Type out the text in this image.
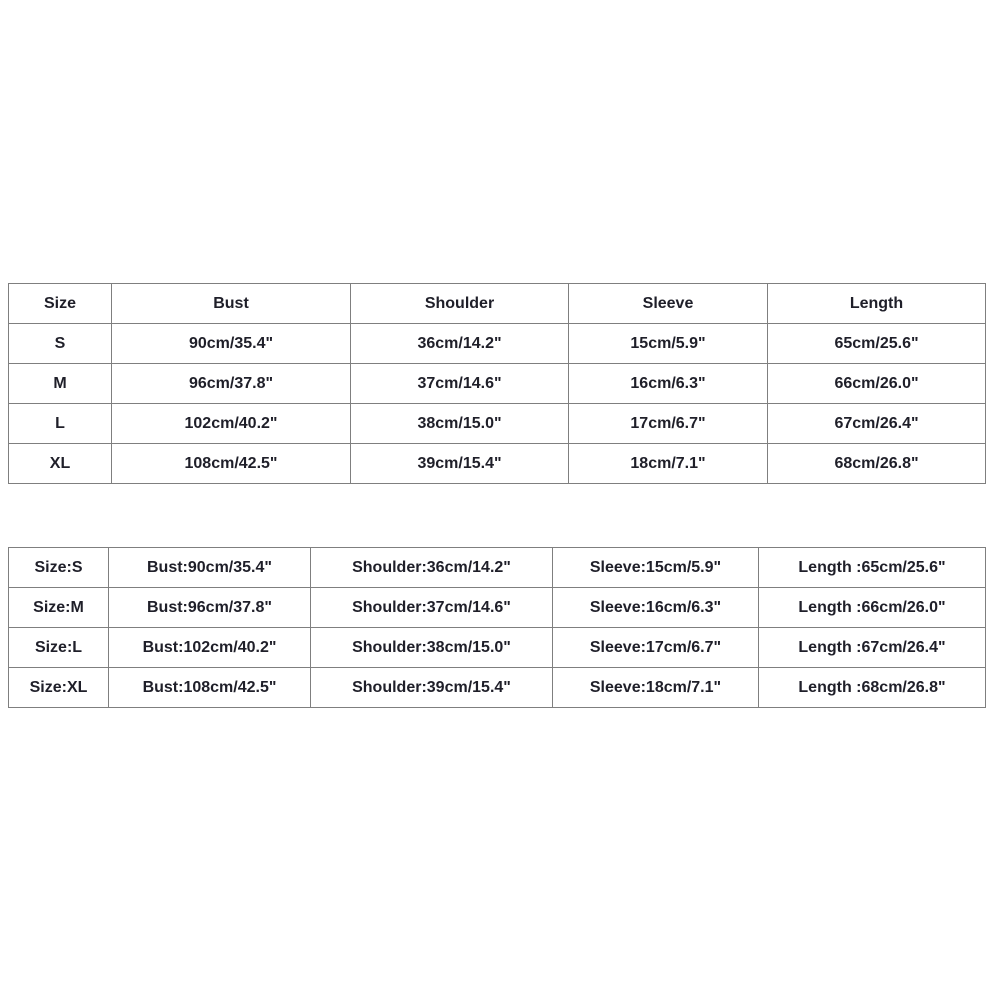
Size	Bust	Shoulder	Sleeve	Length
S	90cm/35.4"	36cm/14.2"	15cm/5.9"	65cm/25.6"
M	96cm/37.8"	37cm/14.6"	16cm/6.3"	66cm/26.0"
L	102cm/40.2"	38cm/15.0"	17cm/6.7"	67cm/26.4"
XL	108cm/42.5"	39cm/15.4"	18cm/7.1"	68cm/26.8"
Size:S	Bust:90cm/35.4"	Shoulder:36cm/14.2"	Sleeve:15cm/5.9"	Length :65cm/25.6"
Size:M	Bust:96cm/37.8"	Shoulder:37cm/14.6"	Sleeve:16cm/6.3"	Length :66cm/26.0"
Size:L	Bust:102cm/40.2"	Shoulder:38cm/15.0"	Sleeve:17cm/6.7"	Length :67cm/26.4"
Size:XL	Bust:108cm/42.5"	Shoulder:39cm/15.4"	Sleeve:18cm/7.1"	Length :68cm/26.8"
